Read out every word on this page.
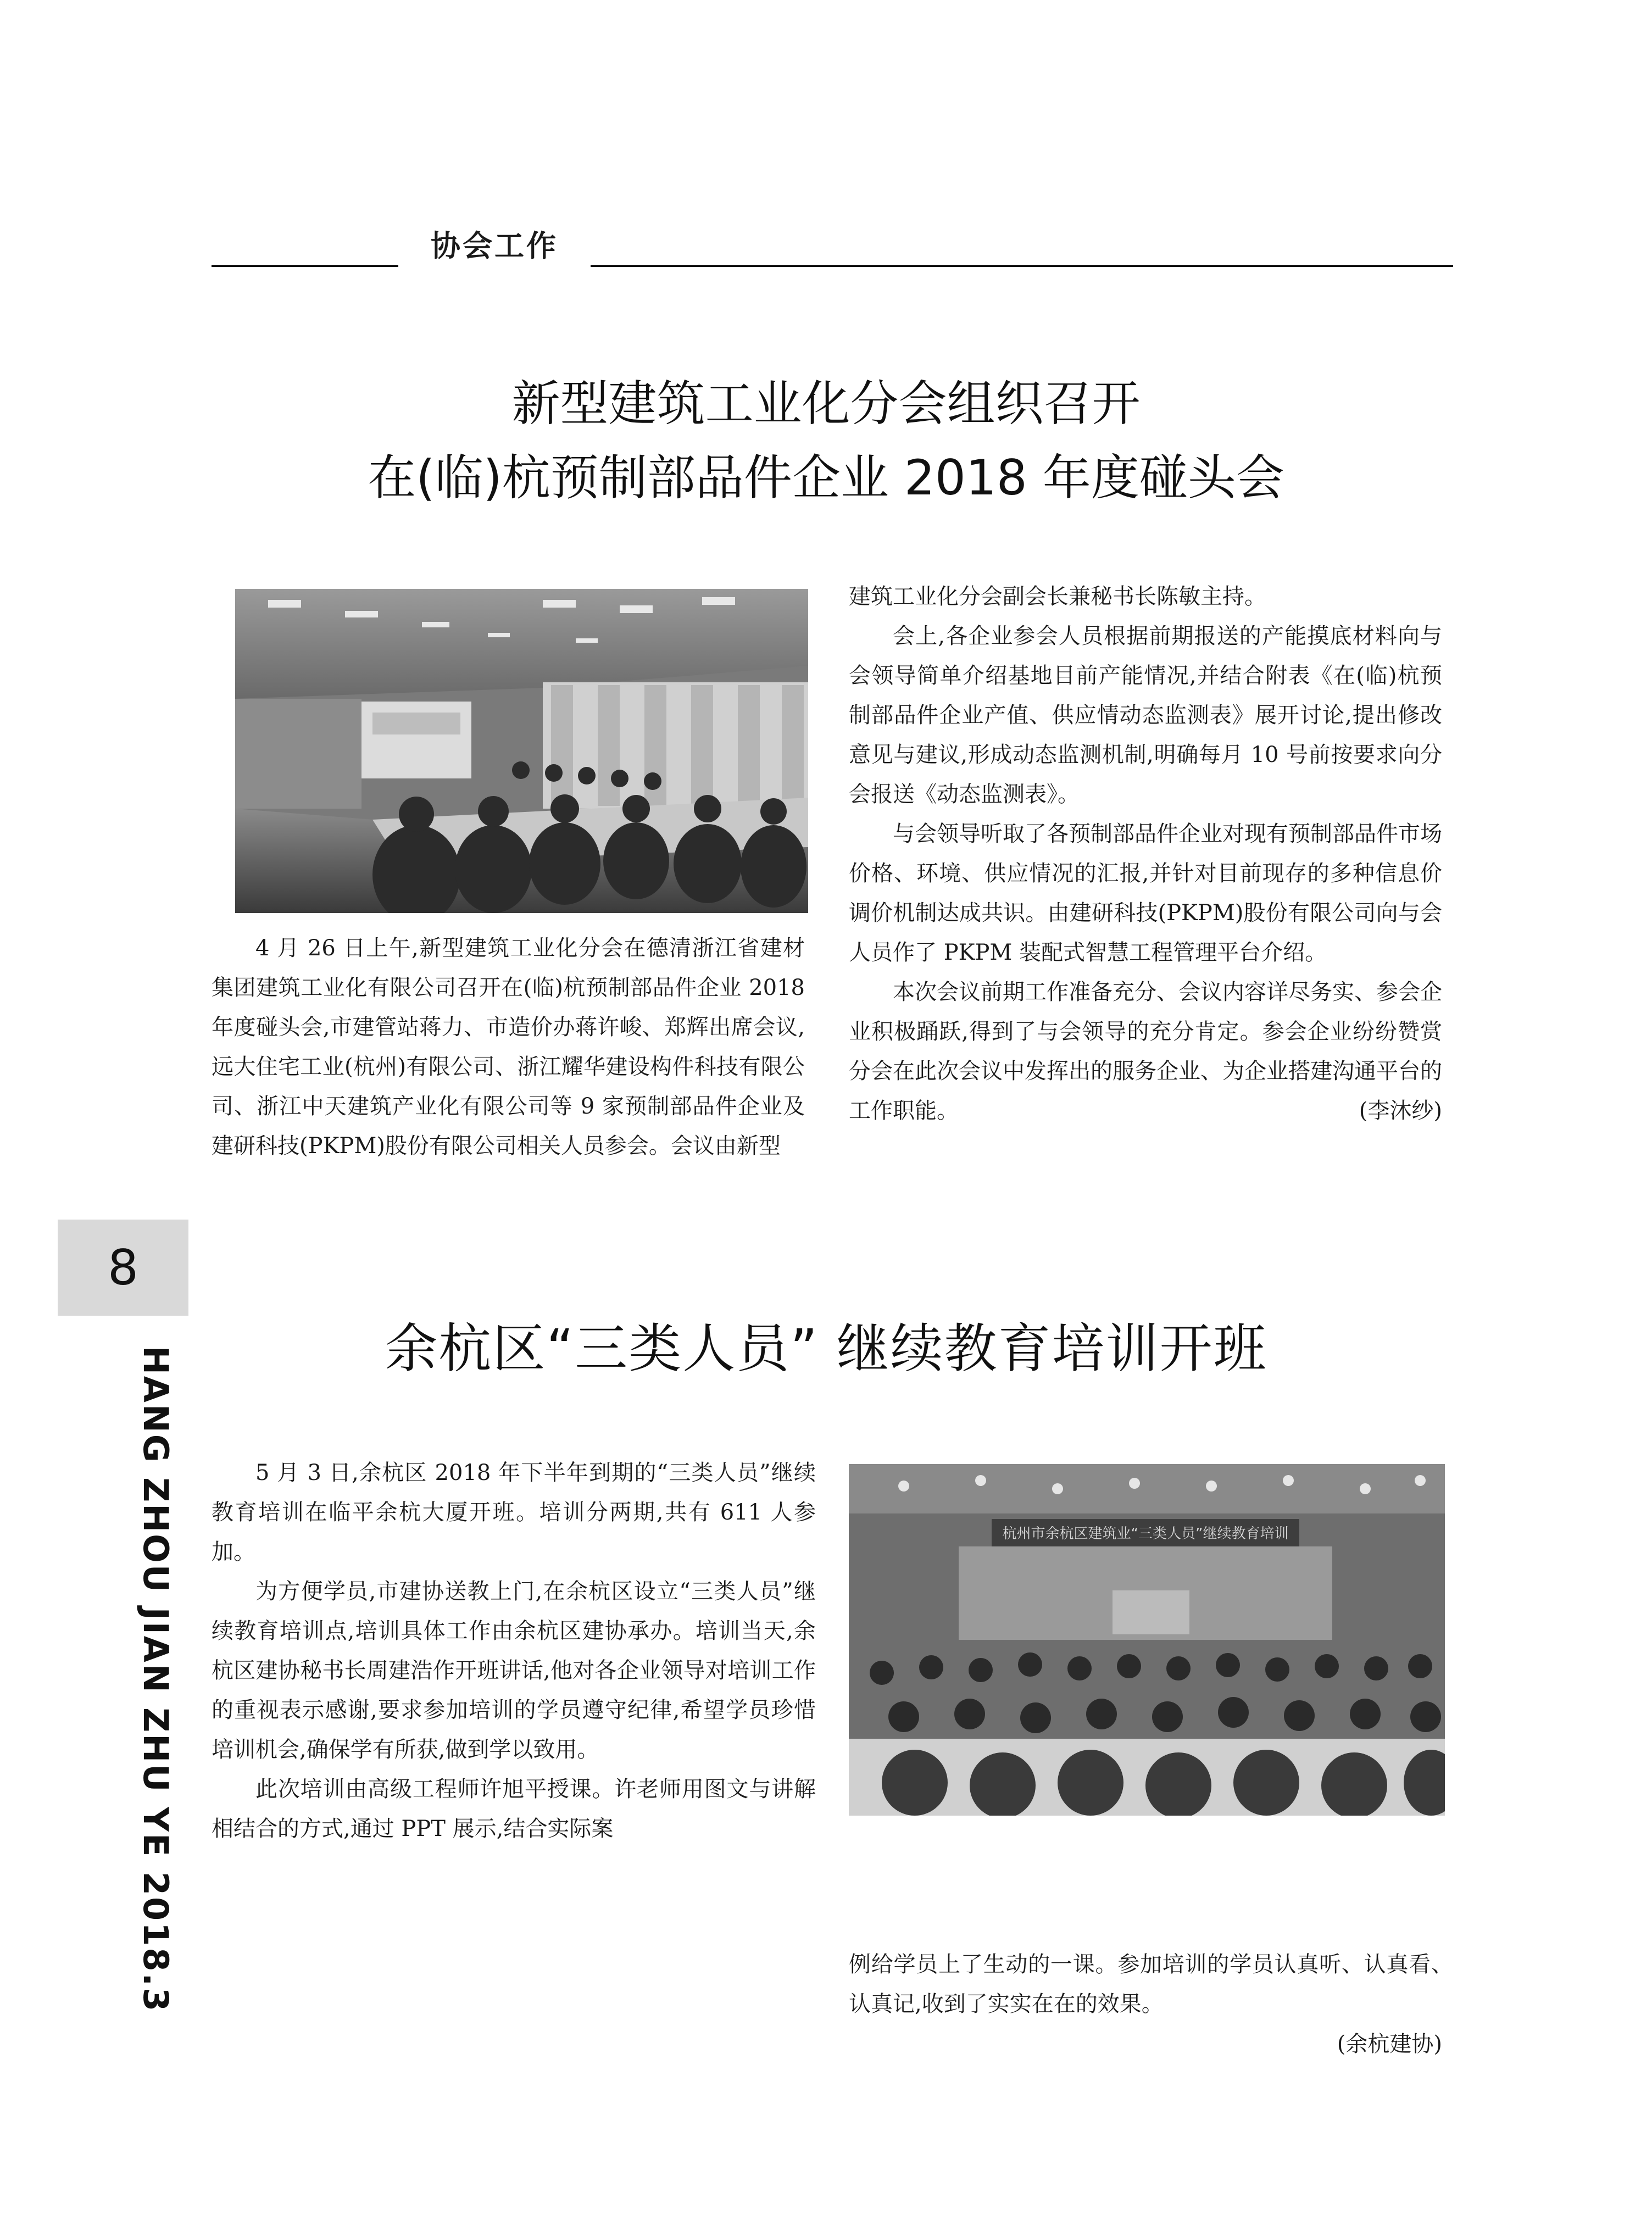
协会工作
新型建筑工业化分会组织召开
在(临)杭预制部品件企业 2018 年度碰头会

4 月 26 日上午,新型建筑工业化分会在德清浙江省建材集团建筑工业化有限公司召开在(临)杭预制部品件企业 2018 年度碰头会,市建管站蒋力、市造价办蒋许峻、郑辉出席会议,远大住宅工业(杭州)有限公司、浙江耀华建设构件科技有限公司、浙江中天建筑产业化有限公司等 9 家预制部品件企业及建研科技(PKPM)股份有限公司相关人员参会。会议由新型

建筑工业化分会副会长兼秘书长陈敏主持。

会上,各企业参会人员根据前期报送的产能摸底材料向与会领导简单介绍基地目前产能情况,并结合附表《在(临)杭预制部品件企业产值、供应情动态监测表》展开讨论,提出修改意见与建议,形成动态监测机制,明确每月 10 号前按要求向分会报送《动态监测表》。

与会领导听取了各预制部品件企业对现有预制部品件市场价格、环境、供应情况的汇报,并针对目前现存的多种信息价调价机制达成共识。由建研科技(PKPM)股份有限公司向与会人员作了 PKPM 装配式智慧工程管理平台介绍。

本次会议前期工作准备充分、会议内容详尽务实、参会企业积极踊跃,得到了与会领导的充分肯定。参会企业纷纷赞赏分会在此次会议中发挥出的服务企业、为企业搭建沟通平台的工作职能。	(李沐纱)

8
HANG ZHOU JIAN ZHU YE 2018.3	余杭区“三类人员” 继续教育培训开班

5 月 3 日,余杭区 2018 年下半年到期的“三类人员”继续教育培训在临平余杭大厦开班。培训分两期,共有 611 人参加。

为方便学员,市建协送教上门,在余杭区设立“三类人员”继续教育培训点,培训具体工作由余杭区建协承办。培训当天,余杭区建协秘书长周建浩作开班讲话,他对各企业领导对培训工作的重视表示感谢,要求参加培训的学员遵守纪律,希望学员珍惜培训机会,确保学有所获,做到学以致用。

此次培训由高级工程师许旭平授课。许老师用图文与讲解相结合的方式,通过 PPT 展示,结合实际案

杭州市余杭区建筑业“三类人员”继续教育培训

例给学员上了生动的一课。参加培训的学员认真听、认真看、认真记,收到了实实在在的效果。

(余杭建协)
